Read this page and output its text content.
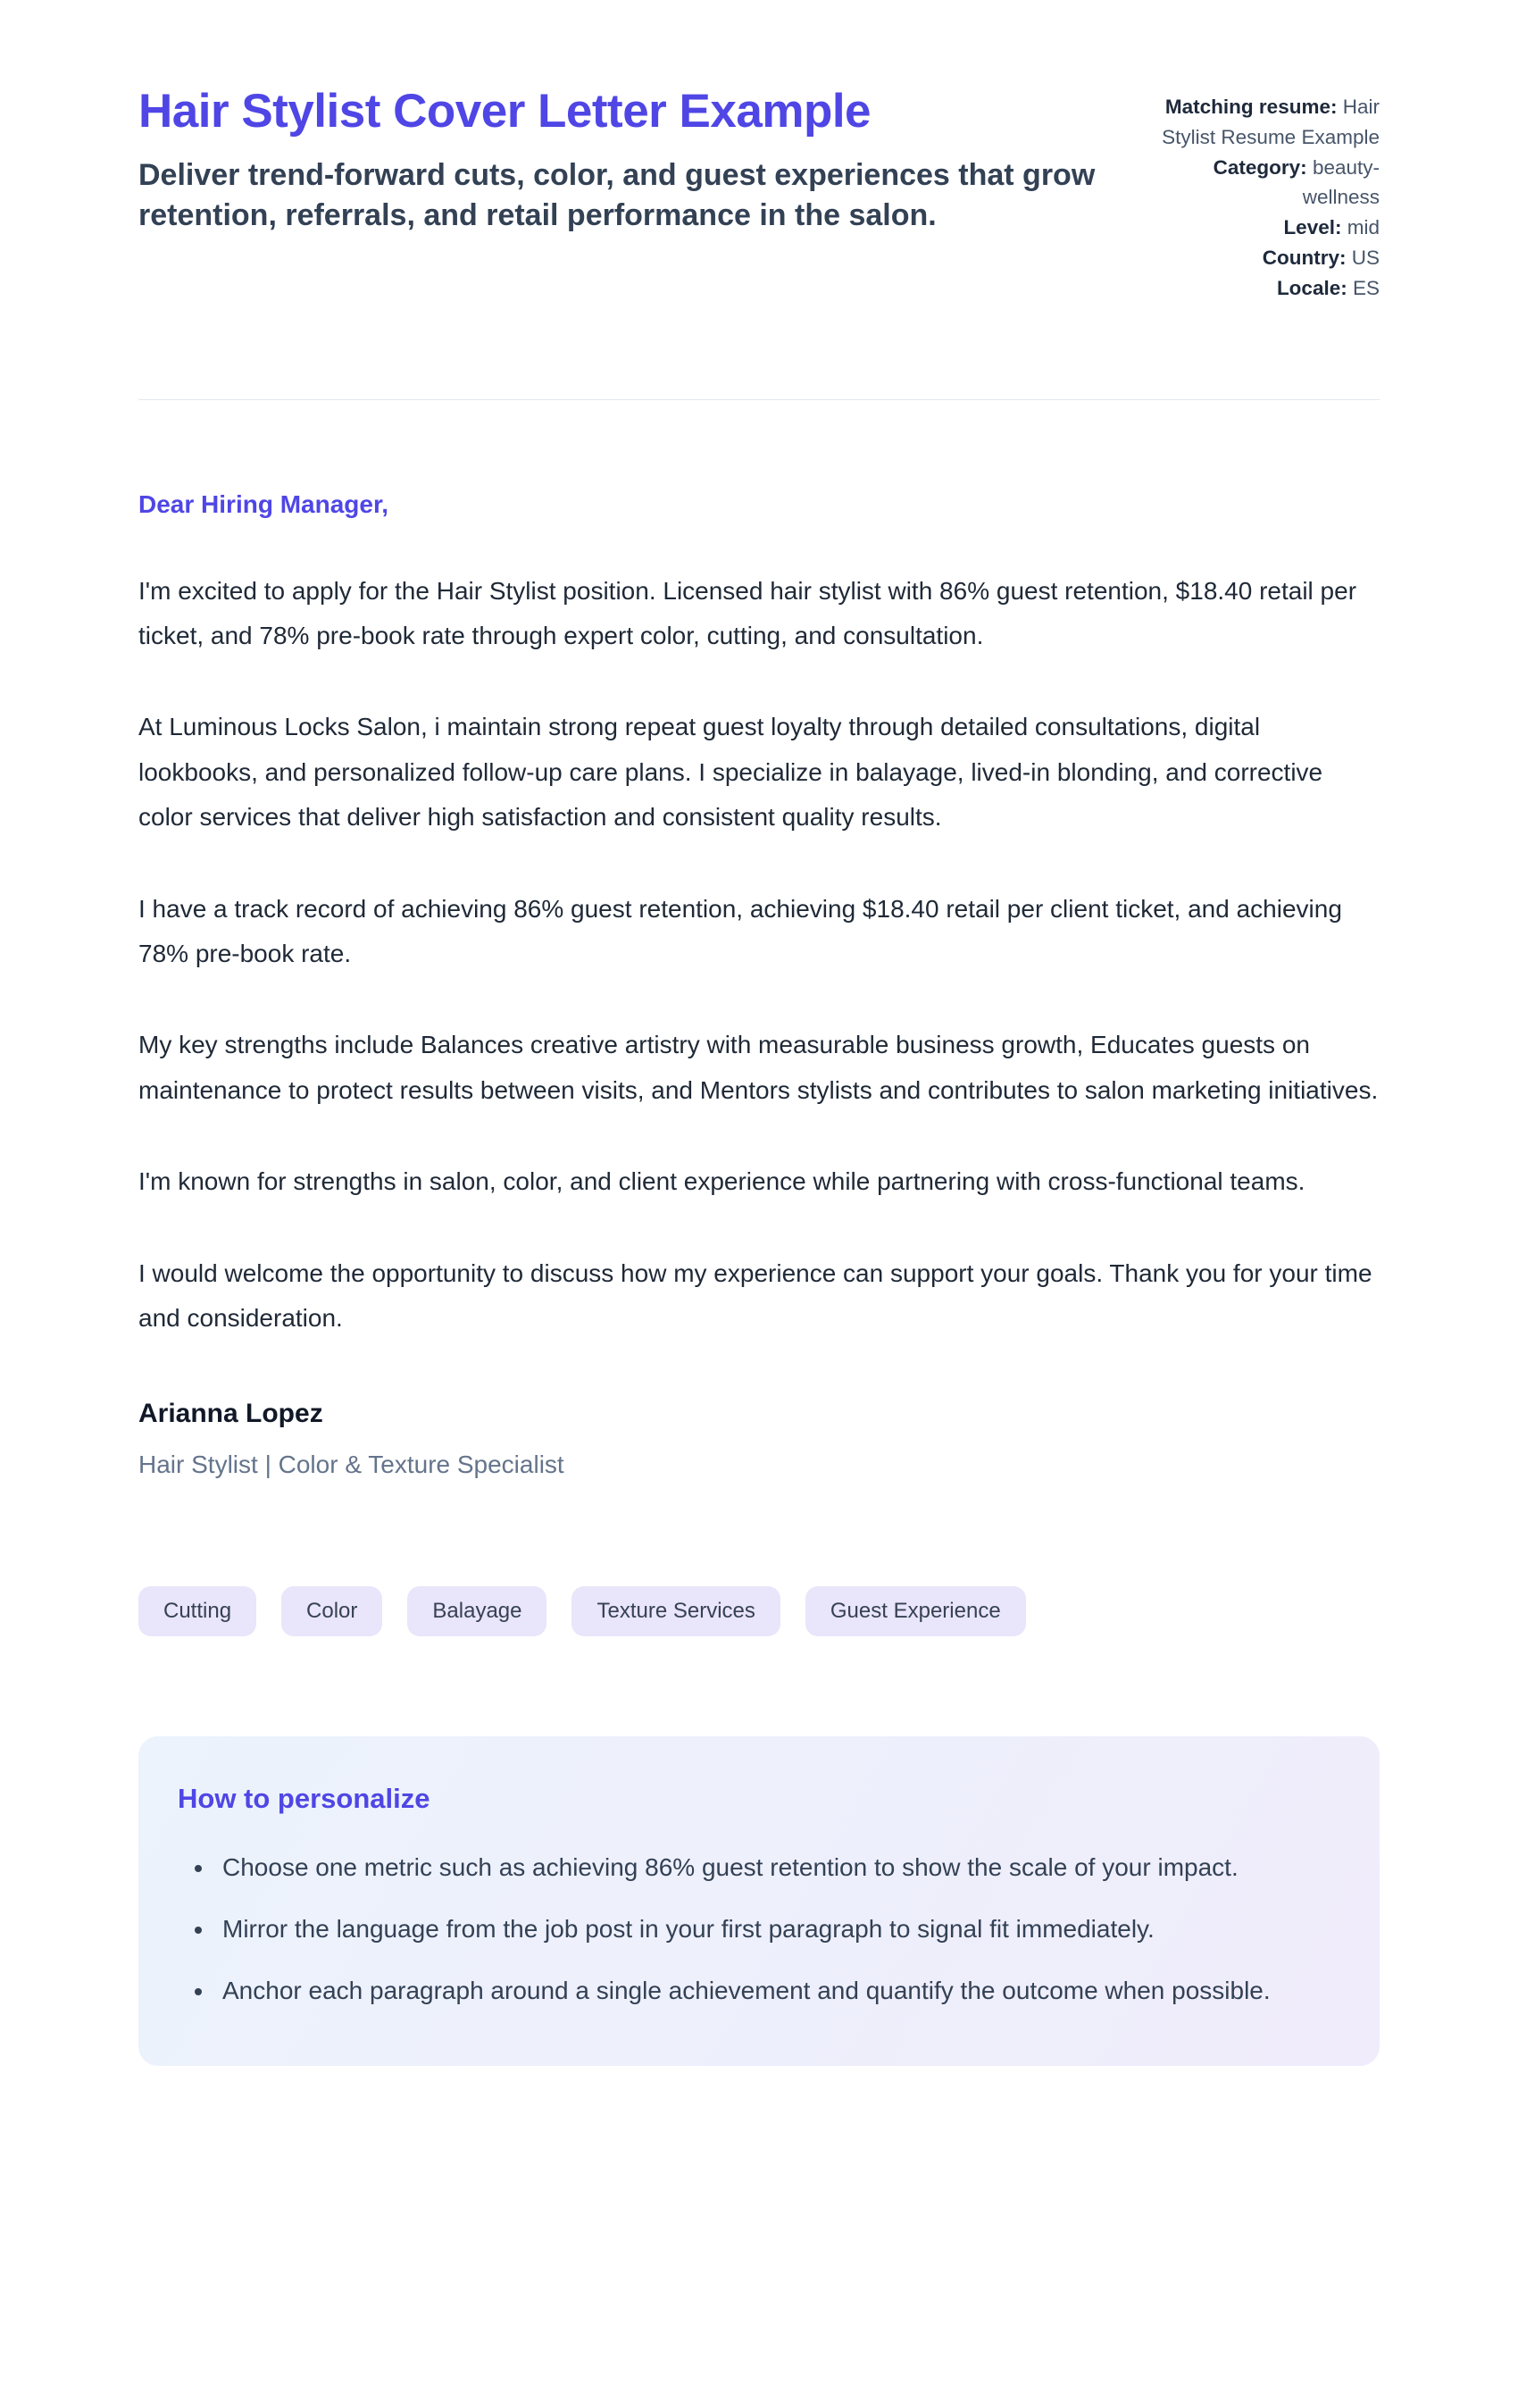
Hair Stylist Cover Letter Example

Deliver trend-forward cuts, color, and guest experiences that grow retention, referrals, and retail performance in the salon.

Matching resume: Hair Stylist Resume Example
Category: beauty-wellness
Level: mid
Country: US
Locale: ES

Dear Hiring Manager,

I'm excited to apply for the Hair Stylist position. Licensed hair stylist with 86% guest retention, $18.40 retail per ticket, and 78% pre-book rate through expert color, cutting, and consultation.

At Luminous Locks Salon, i maintain strong repeat guest loyalty through detailed consultations, digital lookbooks, and personalized follow-up care plans. I specialize in balayage, lived-in blonding, and corrective color services that deliver high satisfaction and consistent quality results.

I have a track record of achieving 86% guest retention, achieving $18.40 retail per client ticket, and achieving 78% pre-book rate.

My key strengths include Balances creative artistry with measurable business growth, Educates guests on maintenance to protect results between visits, and Mentors stylists and contributes to salon marketing initiatives.

I'm known for strengths in salon, color, and client experience while partnering with cross-functional teams.

I would welcome the opportunity to discuss how my experience can support your goals. Thank you for your time and consideration.

Arianna Lopez

Hair Stylist | Color & Texture Specialist

Cutting	Color	Balayage	Texture Services	Guest Experience
How to personalize
• Choose one metric such as achieving 86% guest retention to show the scale of your impact.
• Mirror the language from the job post in your first paragraph to signal fit immediately.
• Anchor each paragraph around a single achievement and quantify the outcome when possible.
